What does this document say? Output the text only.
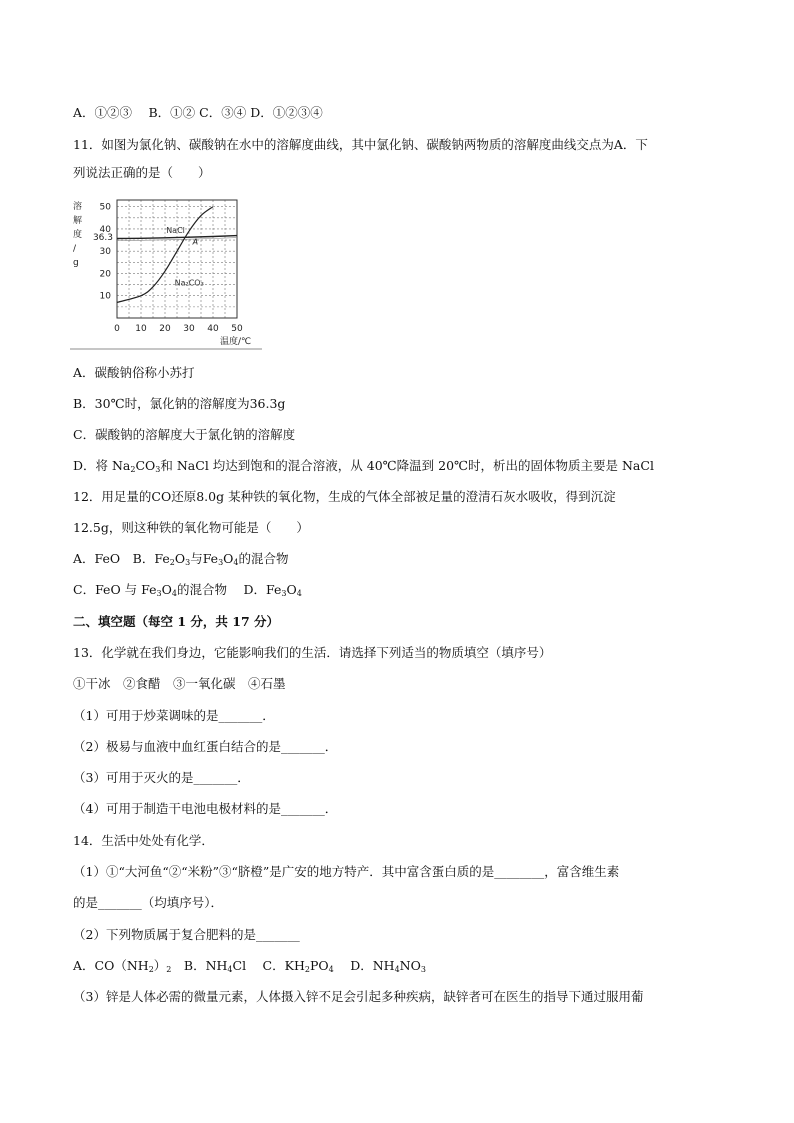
A．①②③　 B．①② C．③④ D．①②③④
11．如图为氯化钠、碳酸钠在水中的溶解度曲线，其中氯化钠、碳酸钠两物质的溶解度曲线交点为A．下
列说法正确的是（　　）
溶
解
度
/
g
10
20
30
40
50
36.3
0 10 20 30 40 50
NaCl
Na₂CO₃
A
温度/℃
A．碳酸钠俗称小苏打
B．30℃时，氯化钠的溶解度为36.3g
C．碳酸钠的溶解度大于氯化钠的溶解度
D．将 $Na_2CO_3$和 NaCl 均达到饱和的混合溶液，从 40℃降温到 20℃时，析出的固体物质主要是 NaCl
12．用足量的CO还原8.0g 某种铁的氧化物，生成的气体全部被足量的澄清石灰水吸收，得到沉淀
12.5g，则这种铁的氧化物可能是（　　）
A．FeO　B．$Fe_2O_3$与$Fe_3O_4$的混合物
C．FeO 与 $Fe_3O_4$的混合物　 D．$Fe_3O_4$
二、填空题（每空 1 分，共 17 分）
13．化学就在我们身边，它能影响我们的生活．请选择下列适当的物质填空（填序号）
①干冰　②食醋　③一氧化碳　④石墨
（1）可用于炒菜调味的是_______．
（2）极易与血液中血红蛋白结合的是_______．
（3）可用于灭火的是_______．
（4）可用于制造干电池电极材料的是_______．
14．生活中处处有化学．
（1）①“大河鱼“②“米粉”③“脐橙”是广安的地方特产．其中富含蛋白质的是________，富含维生素
的是_______（均填序号）．
（2）下列物质属于复合肥料的是_______
A．$CO(NH_2)_2$　B．$NH_4Cl$　 C．$KH_2PO_4$　 D．$NH_4NO_3$
（3）锌是人体必需的微量元素，人体摄入锌不足会引起多种疾病，缺锌者可在医生的指导下通过服用葡
